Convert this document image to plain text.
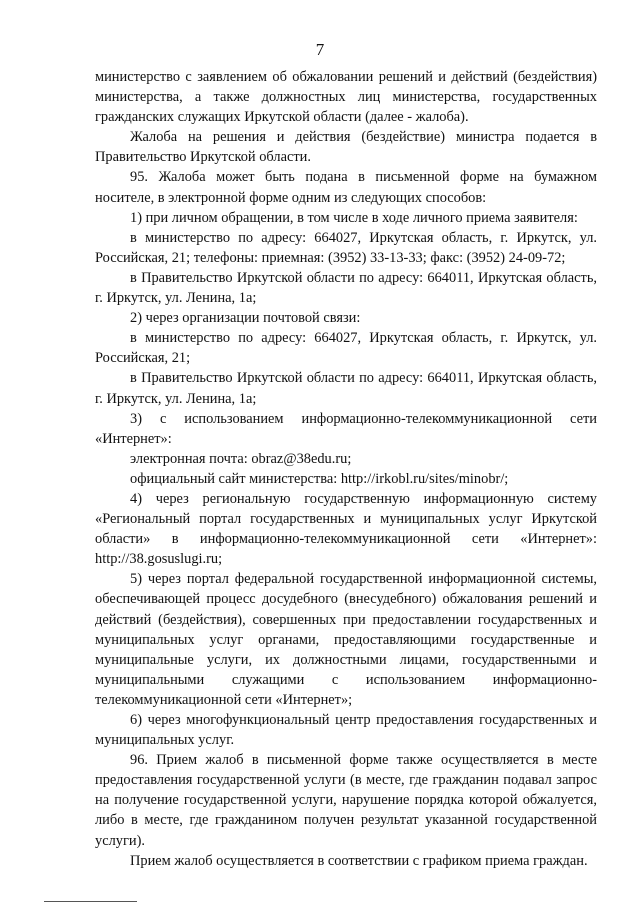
7

министерство с заявлением об обжаловании решений и действий (бездействия) министерства, а также должностных лиц министерства, государственных гражданских служащих Иркутской области (далее - жалоба).

Жалоба на решения и действия (бездействие) министра подается в Правительство Иркутской области.

95. Жалоба может быть подана в письменной форме на бумажном носителе, в электронной форме одним из следующих способов:

1) при личном обращении, в том числе в ходе личного приема заявителя:

в министерство по адресу: 664027, Иркутская область, г. Иркутск, ул. Российская, 21; телефоны: приемная: (3952) 33-13-33; факс: (3952) 24-09-72;

в Правительство Иркутской области по адресу: 664011, Иркутская область, г. Иркутск, ул. Ленина, 1а;

2) через организации почтовой связи:

в министерство по адресу: 664027, Иркутская область, г. Иркутск, ул. Российская, 21;

в Правительство Иркутской области по адресу: 664011, Иркутская область, г. Иркутск, ул. Ленина, 1а;

3) с использованием информационно-телекоммуникационной сети «Интернет»:

электронная почта: obraz@38edu.ru;

официальный сайт министерства: http://irkobl.ru/sites/minobr/;

4) через региональную государственную информационную систему «Региональный портал государственных и муниципальных услуг Иркутской области» в информационно-телекоммуникационной сети «Интернет»: http://38.gosuslugi.ru;

5) через портал федеральной государственной информационной системы, обеспечивающей процесс досудебного (внесудебного) обжалования решений и действий (бездействия), совершенных при предоставлении государственных и муниципальных услуг органами, предоставляющими государственные и муниципальные услуги, их должностными лицами, государственными и муниципальными служащими с использованием информационно-телекоммуникационной сети «Интернет»;

6) через многофункциональный центр предоставления государственных и муниципальных услуг.

96. Прием жалоб в письменной форме также осуществляется в месте предоставления государственной услуги (в месте, где гражданин подавал запрос на получение государственной услуги, нарушение порядка которой обжалуется, либо в месте, где гражданином получен результат указанной государственной услуги).

Прием жалоб осуществляется в соответствии с графиком приема граждан.
